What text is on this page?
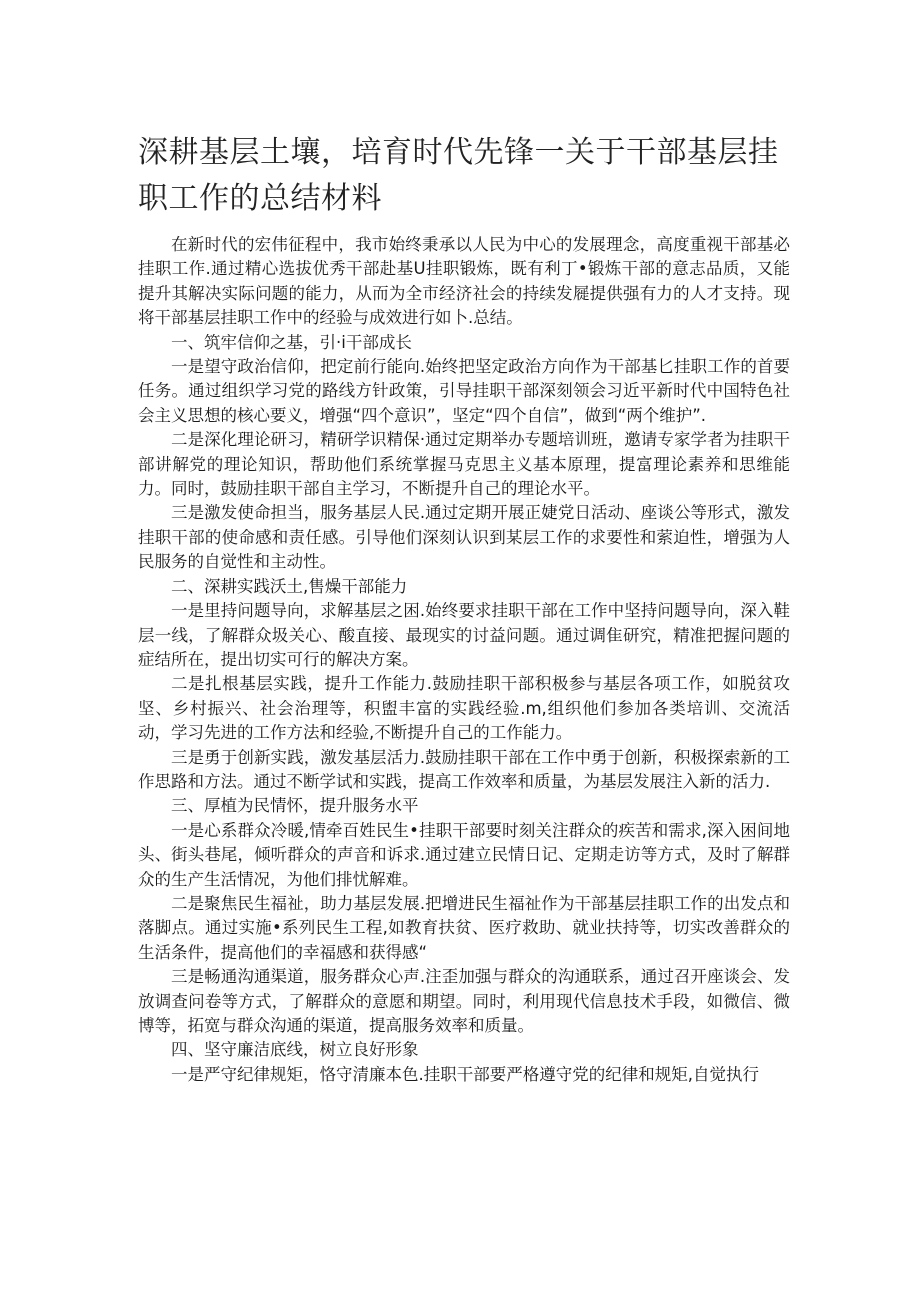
深耕基层土壤，培育时代先锋一关于干部基层挂职工作的总结材料

在新时代的宏伟征程中，我市始终秉承以人民为中心的发展理念，高度重视干部基必挂职工作.通过精心选拔优秀干部赴基U挂职锻炼，既有利丁•锻炼干部的意志品质，又能提升其解决实际问题的能力，从而为全市经济社会的持续发屣提供强有力的人才支持。现将干部基层挂职工作中的经验与成效进行如卜.总结。

一、筑牢信仰之基，引·i干部成长

一是望守政治信仰，把定前行能向.始终把坚定政治方向作为干部基匕挂职工作的首要任务。通过组织学习党的路线方针政策，引导挂职干部深刻领会习近平新时代中国特色社会主义思想的核心要义，增强“四个意识”，坚定“四个自信”，做到“两个维护”.

二是深化理论研习，精研学识精保·通过定期举办专题培训班，邀请专家学者为挂职干部讲解党的理论知识，帮助他们系统掌握马克思主义基本原理，提富理论素养和思维能力。同时，鼓励挂职干部自主学习，不断提升自己的理论水平。

三是激发使命担当，服务基层人民.通过定期开展正婕党日活动、座谈公等形式，激发挂职干部的使命感和责任感。引导他们深刻认识到某层工作的求要性和萦迫性，增强为人民服务的自觉性和主动性。

二、深耕实践沃土,售燥干部能力

一是里持问题导向，求解基层之困.始终要求挂职干部在工作中坚持问题导向，深入鞋层一线，了解群众圾关心、酸直接、最现实的讨益问题。通过调隹研究，精准把握问题的症结所在，提出切实可行的解决方案。

二是扎根基层实践，提升工作能力.鼓励挂职干部积极参与基层各项工作，如脱贫攻坚、乡村振兴、社会治理等，积盥丰富的实践经验.m,组织他们参加各类培训、交流活动，学习先进的工作方法和经验,不断提升自己的工作能力。

三是勇于创新实践，激发基层活力.鼓励挂职干部在工作中勇于创新，积极探索新的工作思路和方法。通过不断学试和实践，提高工作效率和质量，为基层发展注入新的活力.

三、厚植为民情怀，提升服务水平

一是心系群众冷暖,情牵百姓民生•挂职干部要时刻关注群众的疾苦和需求,深入困间地头、街头巷尾，倾听群众的声音和诉求.通过建立民情日记、定期走访等方式，及时了解群众的生产生活情况，为他们排忧解难。

二是聚焦民生福祉，助力基层发展.把增进民生福祉作为干部基层挂职工作的出发点和落脚点。通过实施•系列民生工程,如教育扶贫、医疗救助、就业扶持等，切实改善群众的生活条件，提高他们的幸福感和获得感“

三是畅通沟通渠道，服务群众心声.注歪加强与群众的沟通联系，通过召开座谈会、发放调查问卷等方式，了解群众的意愿和期望。同时，利用现代信息技术手段，如微信、微博等，拓宽与群众沟通的渠道，提高服务效率和质量。

四、坚守廉洁底线，树立良好形象

一是严守纪律规矩，恪守清廉本色.挂职干部要严格遵守党的纪律和规矩,自觉执行
